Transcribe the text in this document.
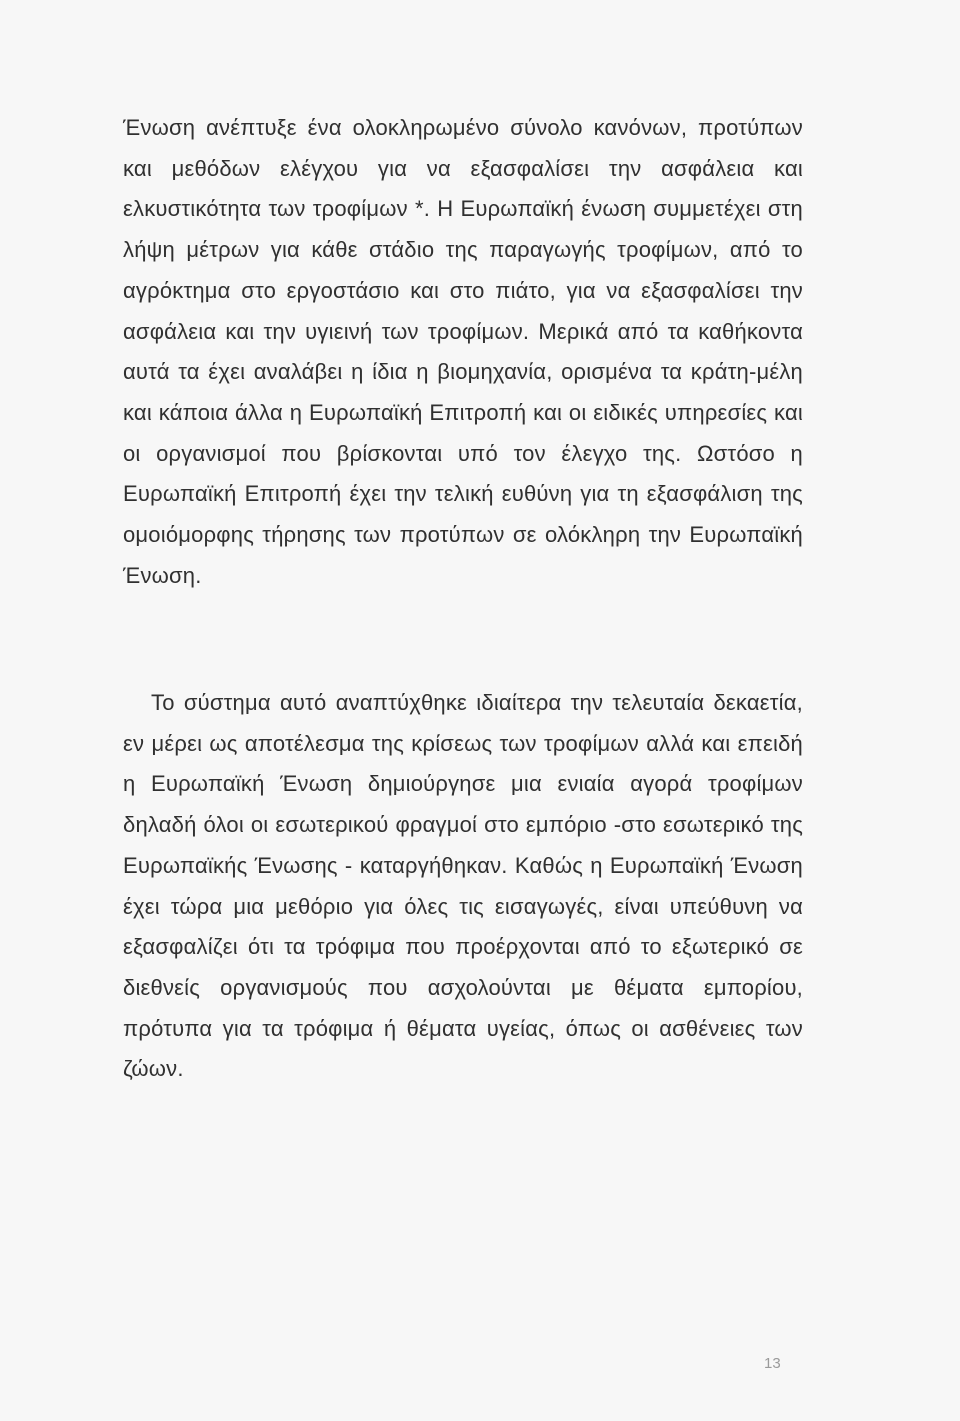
Ένωση ανέπτυξε ένα ολοκληρωμένο σύνολο κανόνων, προτύπων και μεθόδων ελέγχου για να εξασφαλίσει την ασφάλεια και ελκυστικότητα των τροφίμων *. Η Ευρωπαϊκή ένωση συμμετέχει στη λήψη μέτρων για κάθε στάδιο της παραγωγής τροφίμων, από το αγρόκτημα στο εργοστάσιο και στο πιάτο, για να εξασφαλίσει την ασφάλεια και την υγιεινή των τροφίμων. Μερικά από τα καθήκοντα αυτά τα έχει αναλάβει η ίδια η βιομηχανία, ορισμένα τα κράτη-μέλη και κάποια άλλα η Ευρωπαϊκή Επιτροπή και οι ειδικές υπηρεσίες και οι οργανισμοί που βρίσκονται υπό τον έλεγχο της. Ωστόσο η Ευρωπαϊκή Επιτροπή έχει την τελική ευθύνη για τη εξασφάλιση της ομοιόμορφης τήρησης των προτύπων σε ολόκληρη την Ευρωπαϊκή Ένωση.

Το σύστημα αυτό αναπτύχθηκε ιδιαίτερα την τελευταία δεκαετία, εν μέρει ως αποτέλεσμα της κρίσεως των τροφίμων αλλά και επειδή η Ευρωπαϊκή Ένωση δημιούργησε μια ενιαία αγορά τροφίμων δηλαδή όλοι οι εσωτερικού φραγμοί στο εμπόριο -στο εσωτερικό της Ευρωπαϊκής Ένωσης - καταργήθηκαν. Καθώς η Ευρωπαϊκή Ένωση έχει τώρα μια μεθόριο για όλες τις εισαγωγές, είναι υπεύθυνη να εξασφαλίζει ότι τα τρόφιμα που προέρχονται από το εξωτερικό σε διεθνείς οργανισμούς που ασχολούνται με θέματα εμπορίου, πρότυπα για τα τρόφιμα ή θέματα υγείας, όπως οι ασθένειες των ζώων.

13
